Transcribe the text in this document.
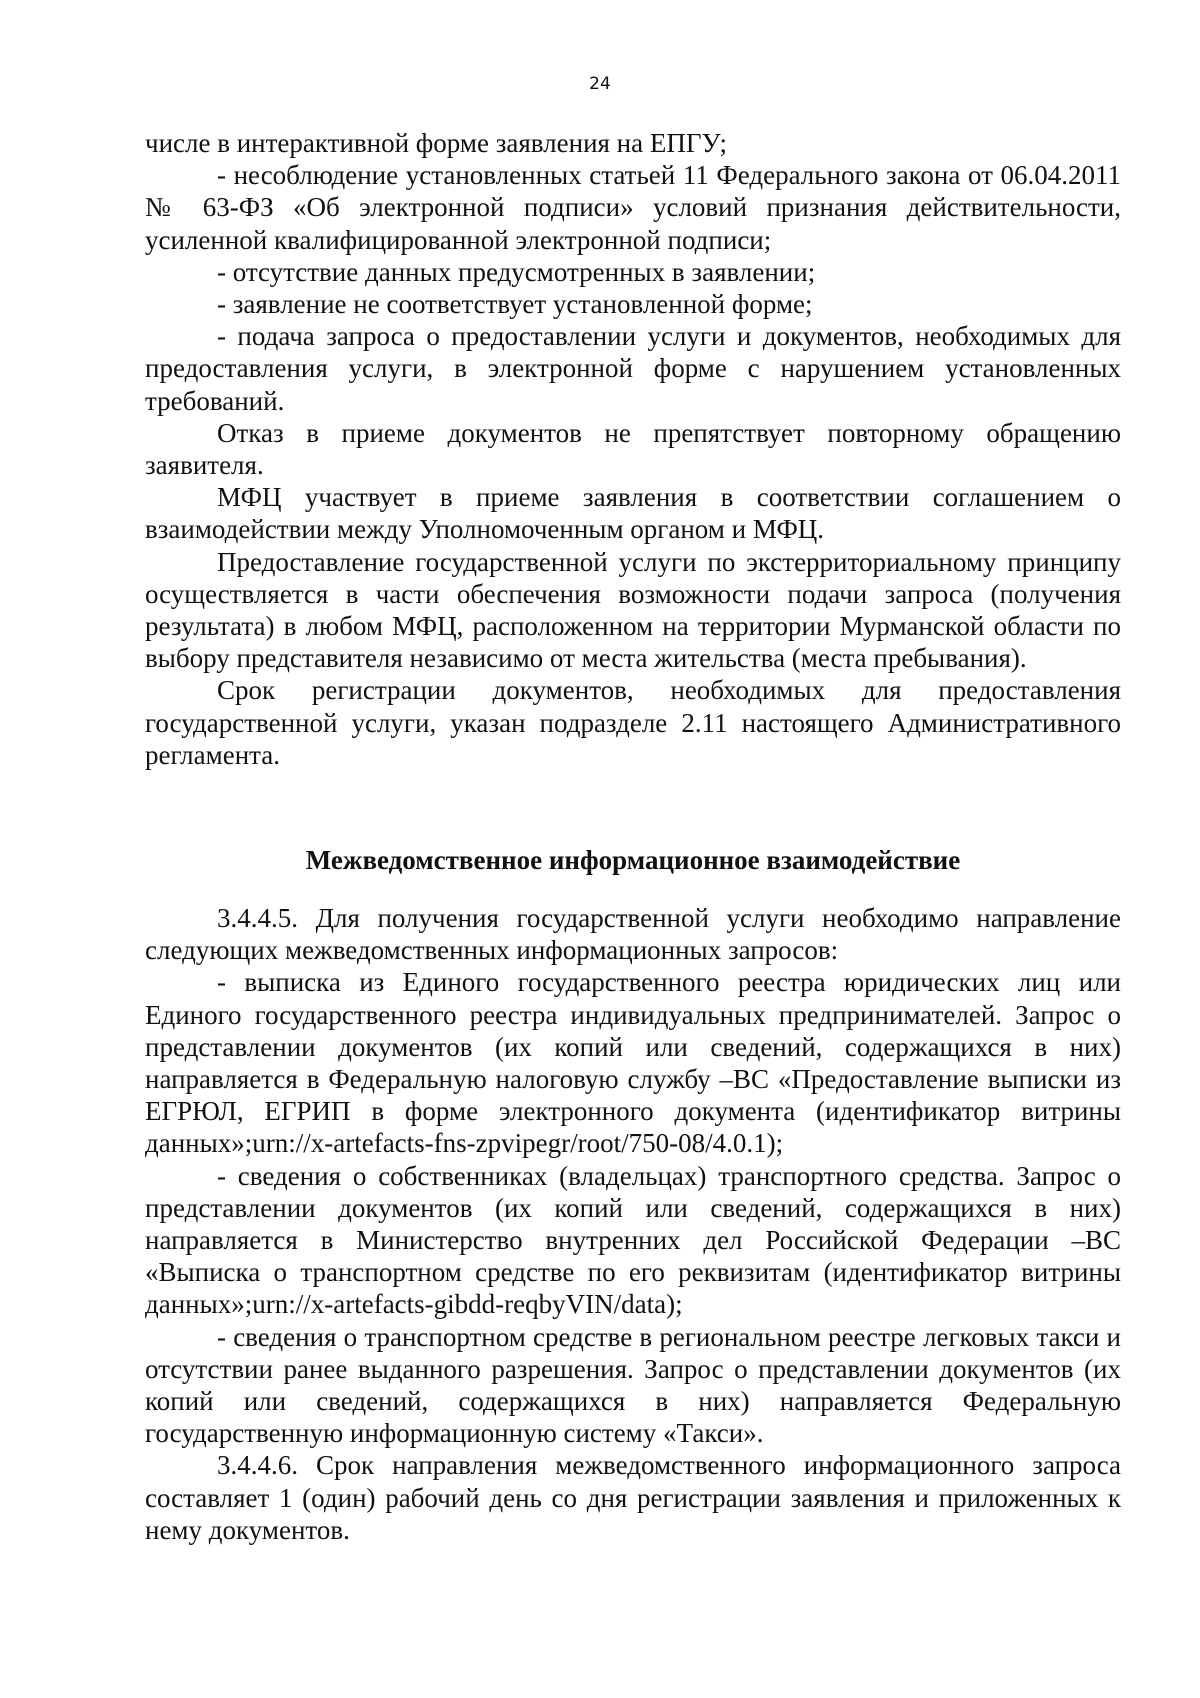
24

числе в интерактивной форме заявления на ЕПГУ;

- несоблюдение установленных статьей 11 Федерального закона от 06.04.2011 № 63-ФЗ «Об электронной подписи» условий признания действительности, усиленной квалифицированной электронной подписи;

- отсутствие данных предусмотренных в заявлении;

- заявление не соответствует установленной форме;

- подача запроса о предоставлении услуги и документов, необходимых для предоставления услуги, в электронной форме с нарушением установленных требований.

Отказ в приеме документов не препятствует повторному обращению заявителя.

МФЦ участвует в приеме заявления в соответствии соглашением о взаимодействии между Уполномоченным органом и МФЦ.

Предоставление государственной услуги по экстерриториальному принципу осуществляется в части обеспечения возможности подачи запроса (получения результата) в любом МФЦ, расположенном на территории Мурманской области по выбору представителя независимо от места жительства (места пребывания).

Срок регистрации документов, необходимых для предоставления государственной услуги, указан подразделе 2.11 настоящего Административного регламента.

Межведомственное информационное взаимодействие

3.4.4.5. Для получения государственной услуги необходимо направление следующих межведомственных информационных запросов:

- выписка из Единого государственного реестра юридических лиц или Единого государственного реестра индивидуальных предпринимателей. Запрос о представлении документов (их копий или сведений, содержащихся в них) направляется в Федеральную налоговую службу –ВС «Предоставление выписки из ЕГРЮЛ, ЕГРИП в форме электронного документа (идентификатор витрины данных»;urn://x-artefacts-fns-zpvipegr/root/750-08/4.0.1);

- сведения о собственниках (владельцах) транспортного средства. Запрос о представлении документов (их копий или сведений, содержащихся в них) направляется в Министерство внутренних дел Российской Федерации –ВС «Выписка о транспортном средстве по его реквизитам (идентификатор витрины данных»;urn://x-artefacts-gibdd-reqbyVIN/data);

- сведения о транспортном средстве в региональном реестре легковых такси и отсутствии ранее выданного разрешения. Запрос о представлении документов (их копий или сведений, содержащихся в них) направляется Федеральную государственную информационную систему «Такси».

3.4.4.6. Срок направления межведомственного информационного запроса составляет 1 (один) рабочий день со дня регистрации заявления и приложенных к нему документов.
